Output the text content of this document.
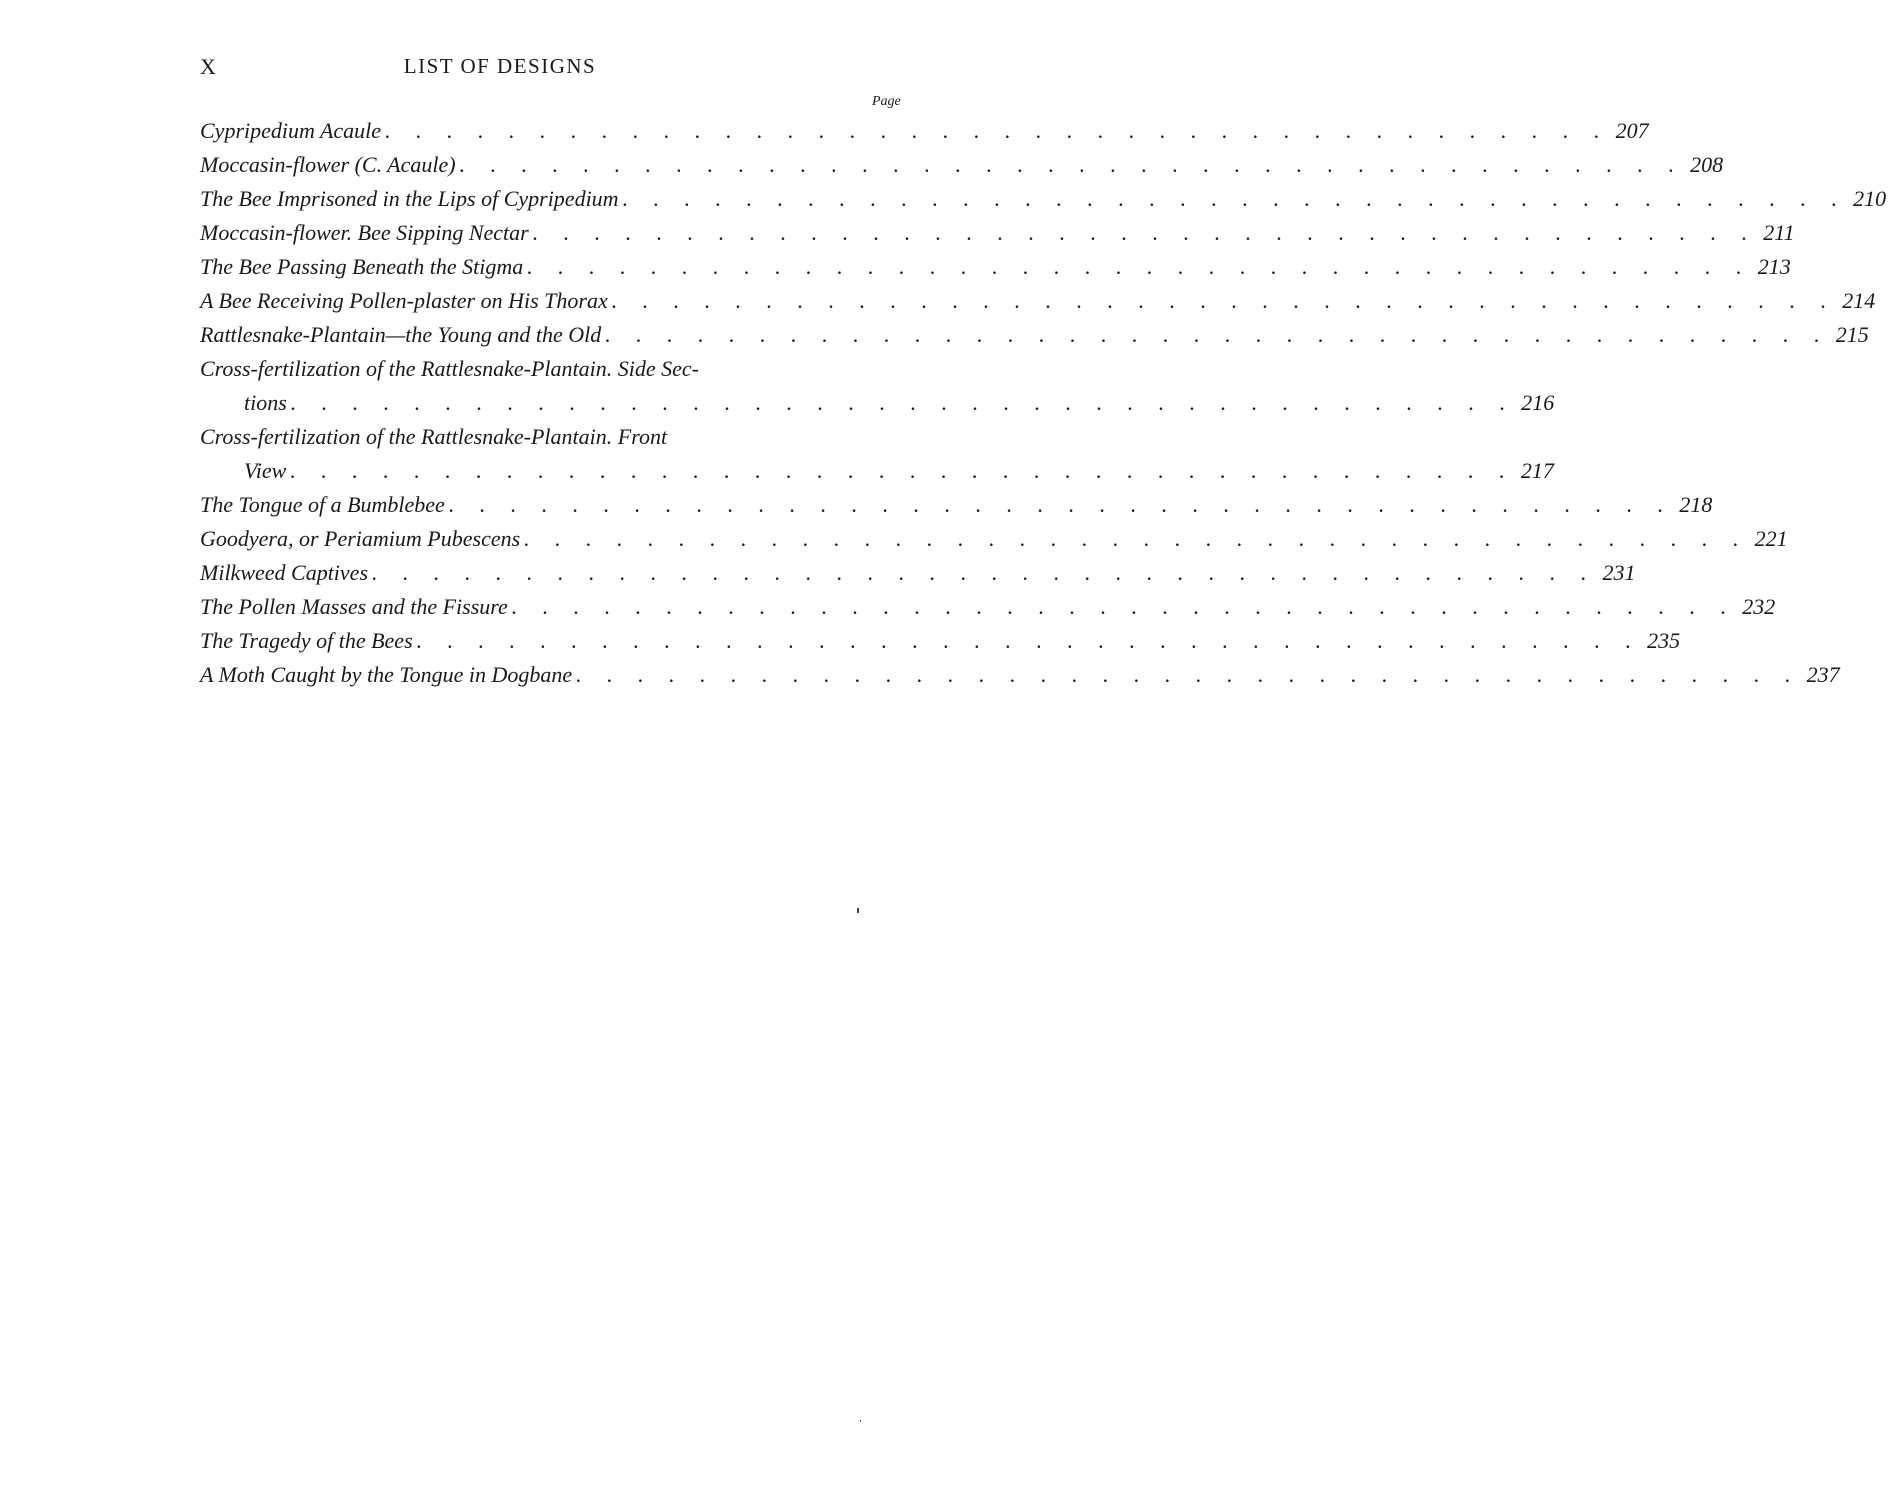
X	LIST OF DESIGNS
Page
Cypripedium Acaule . . . . . . . . . . . . . . . . . . . . . . . . . . . . . . . . . . . . . . . . 207
Moccasin-flower (C. Acaule) . . . . . . . . . . . . . . . . . . . . . . . . . . . . . . . . . . . . . . . . 208
The Bee Imprisoned in the Lips of Cypripedium . . . . . . . . . . . . . . . . . . . . . . . . . . . . . . . . . . . . . . . . 210
Moccasin-flower. Bee Sipping Nectar . . . . . . . . . . . . . . . . . . . . . . . . . . . . . . . . . . . . . . . . 211
The Bee Passing Beneath the Stigma . . . . . . . . . . . . . . . . . . . . . . . . . . . . . . . . . . . . . . . . 213
A Bee Receiving Pollen-plaster on His Thorax . . . . . . . . . . . . . . . . . . . . . . . . . . . . . . . . . . . . . . . . 214
Rattlesnake-Plantain—the Young and the Old . . . . . . . . . . . . . . . . . . . . . . . . . . . . . . . . . . . . . . . . 215
Cross-fertilization of the Rattlesnake-Plantain. Side Sec-
tions . . . . . . . . . . . . . . . . . . . . . . . . . . . . . . . . . . . . . . . . 216
Cross-fertilization of the Rattlesnake-Plantain. Front
View . . . . . . . . . . . . . . . . . . . . . . . . . . . . . . . . . . . . . . . . 217
The Tongue of a Bumblebee . . . . . . . . . . . . . . . . . . . . . . . . . . . . . . . . . . . . . . . . 218
Goodyera, or Periamium Pubescens . . . . . . . . . . . . . . . . . . . . . . . . . . . . . . . . . . . . . . . . 221
Milkweed Captives . . . . . . . . . . . . . . . . . . . . . . . . . . . . . . . . . . . . . . . . 231
The Pollen Masses and the Fissure . . . . . . . . . . . . . . . . . . . . . . . . . . . . . . . . . . . . . . . . 232
The Tragedy of the Bees . . . . . . . . . . . . . . . . . . . . . . . . . . . . . . . . . . . . . . . . 235
A Moth Caught by the Tongue in Dogbane . . . . . . . . . . . . . . . . . . . . . . . . . . . . . . . . . . . . . . . . 237
